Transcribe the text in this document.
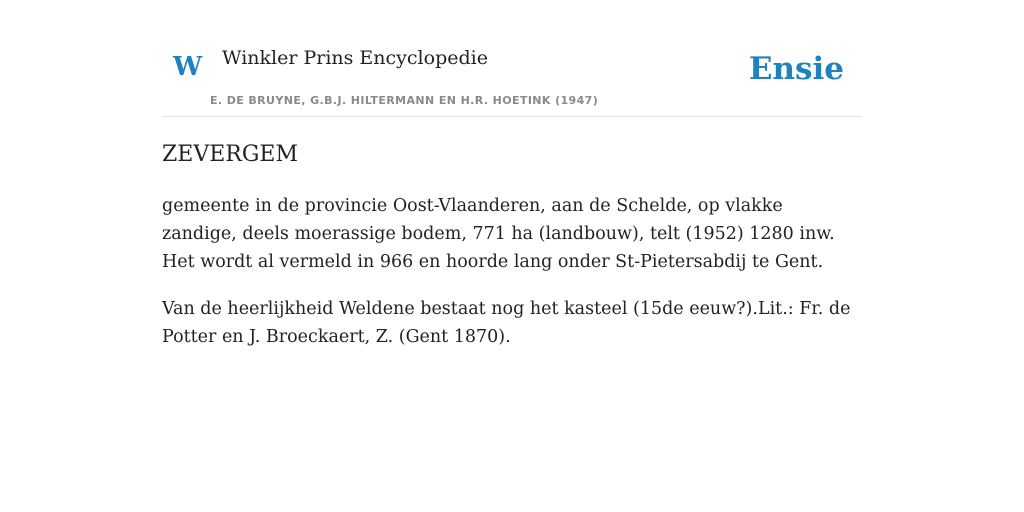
W Winkler Prins Encyclopedie
E. DE BRUYNE, G.B.J. HILTERMANN EN H.R. HOETINK (1947)
Ensie
ZEVERGEM

gemeente in de provincie Oost-Vlaanderen, aan de Schelde, op vlakke zandige, deels moerassige bodem, 771 ha (landbouw), telt (1952) 1280 inw. Het wordt al vermeld in 966 en hoorde lang onder St-Pietersabdij te Gent.

Van de heerlijkheid Weldene bestaat nog het kasteel (15de eeuw?).Lit.: Fr. de Potter en J. Broeckaert, Z. (Gent 1870).
